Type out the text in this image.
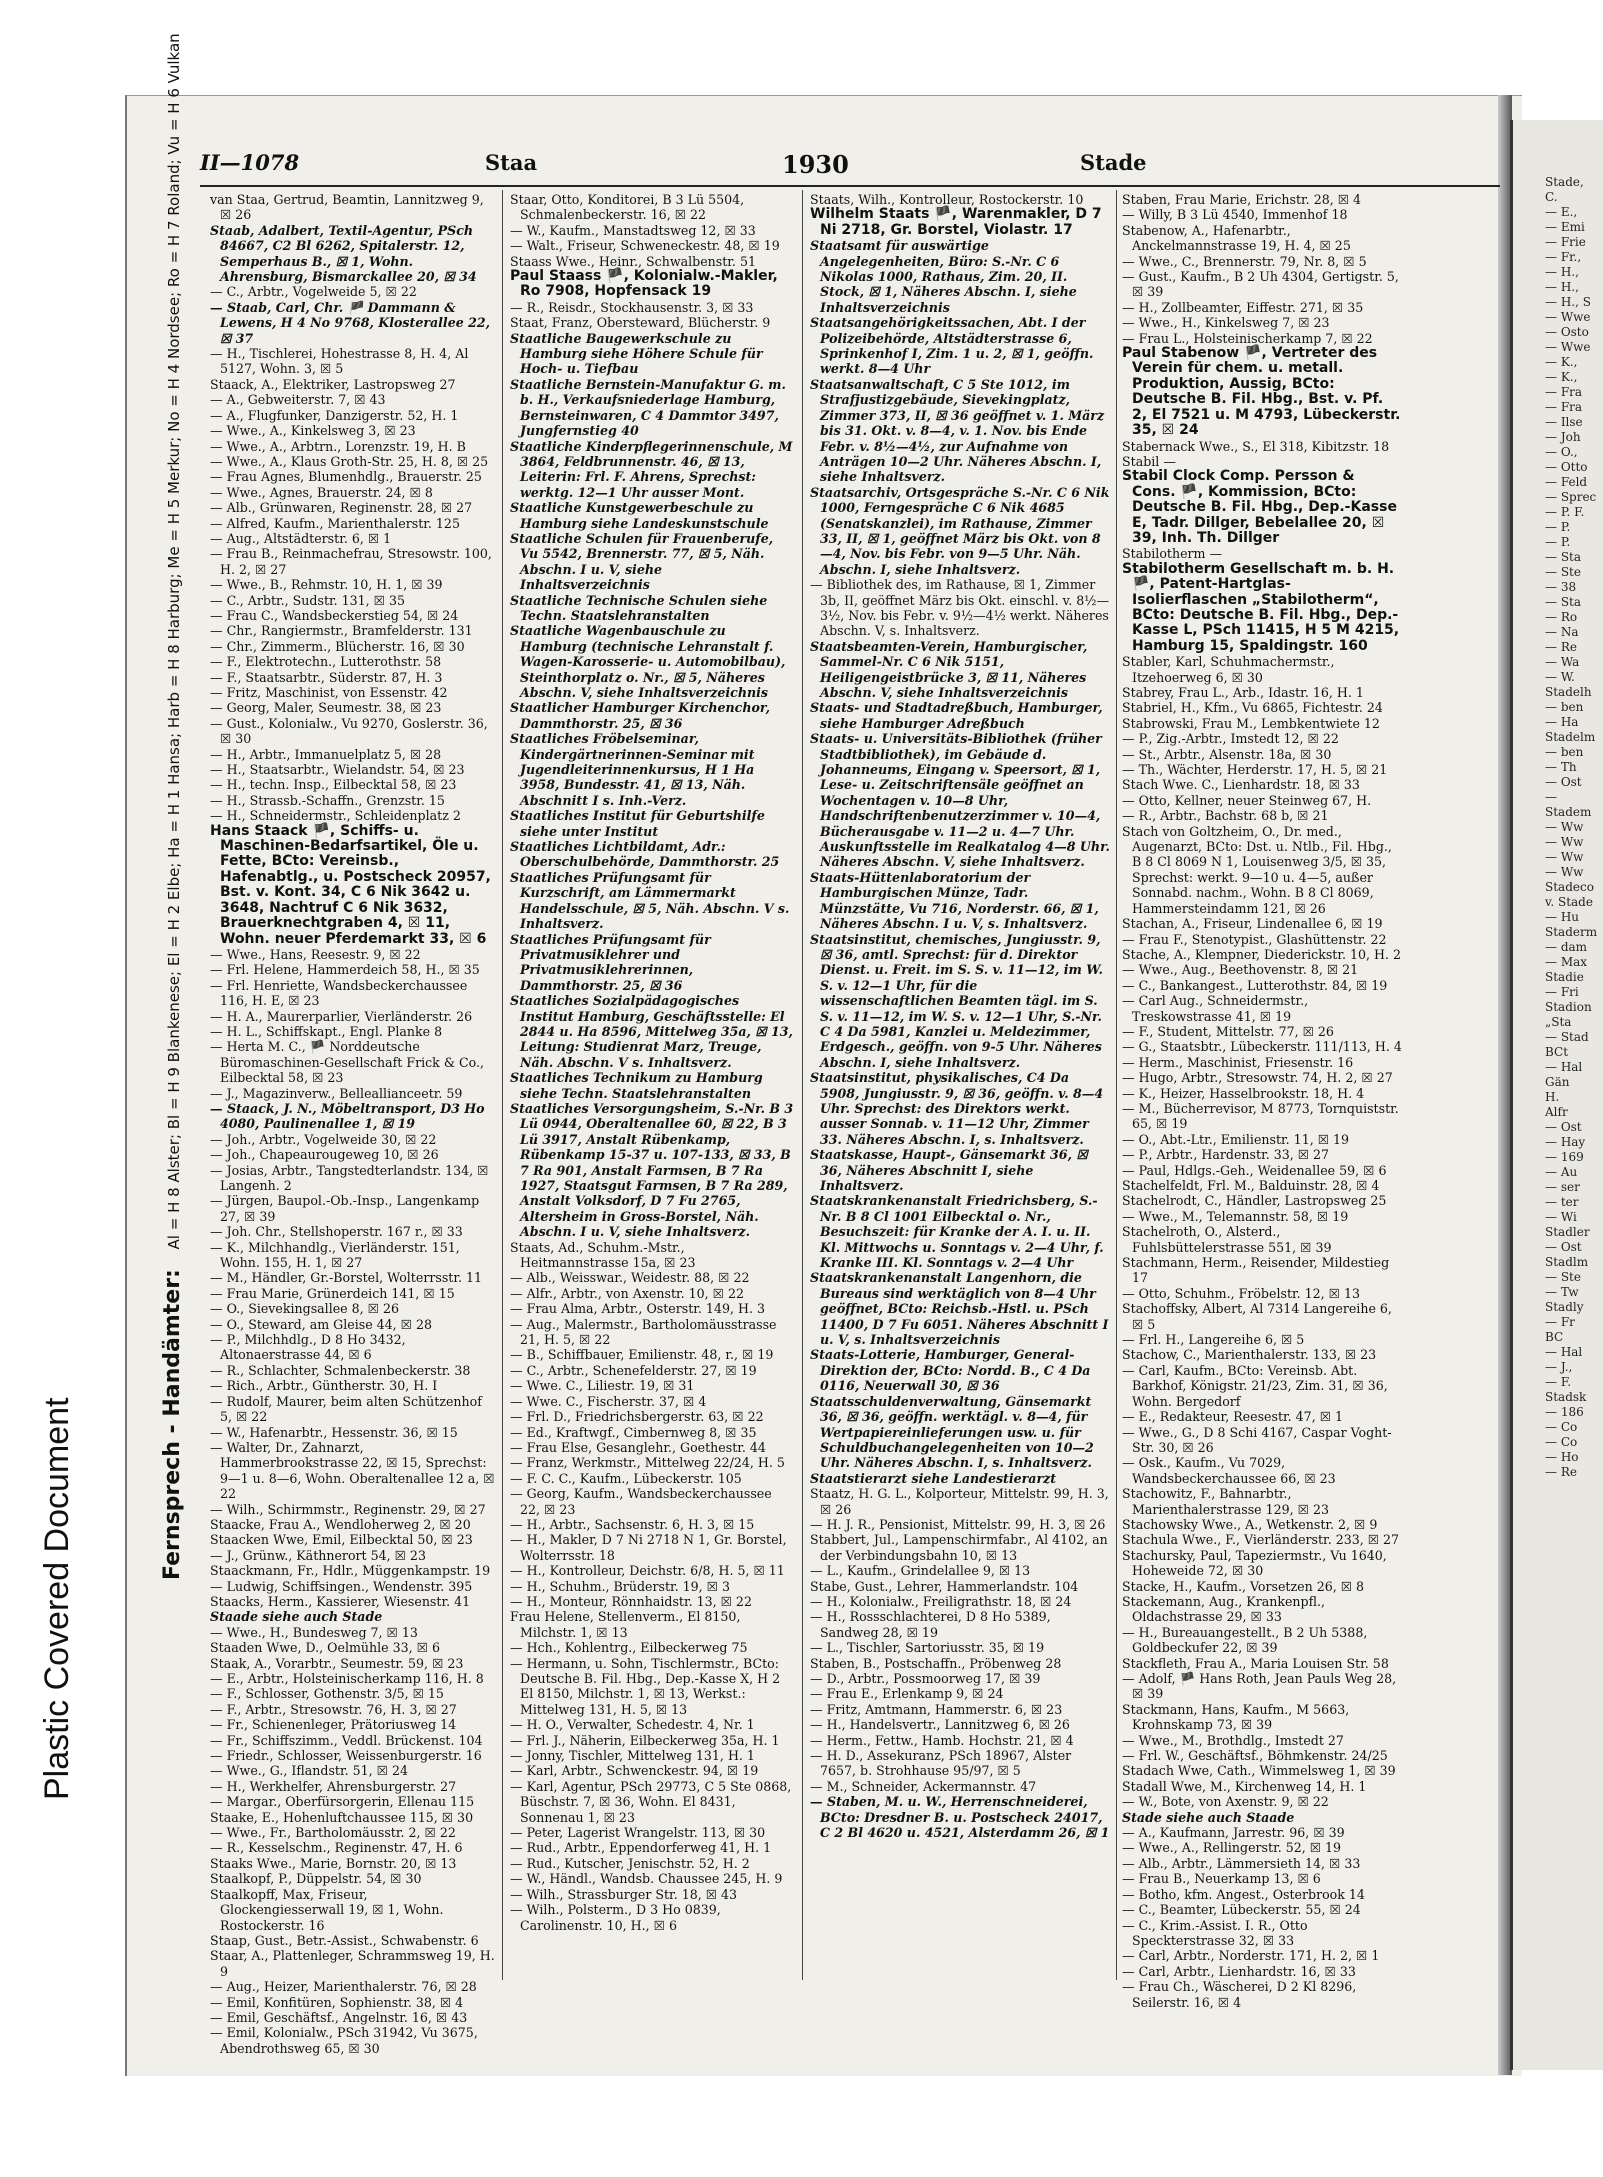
Plastic Covered Document	Fernsprech - Handämter: Al = H 8 Alster; Bl = H 9 Blankenese; El = H 2 Elbe; Ha = H 1 Hansa; Harb = H 8 Harburg; Me = H 5 Merkur; No = H 4 Nordsee; Ro = H 7 Roland; Vu = H 6 Vulkan II—1078	Staa	1930	Stade
van Staa, Gertrud, Beamtin, Lannitzweg 9, ☒ 26
Staab, Adalbert, Textil-Agentur, PSch 84667, C2 Bl 6262, Spitalerstr. 12, Semperhaus B., ☒ 1, Wohn. Ahrensburg, Bismarckallee 20, ☒ 34
— C., Arbtr., Vogelweide 5, ☒ 22
— Staab, Carl, Chr. 🏴 Dammann & Lewens, H 4 No 9768, Klosterallee 22, ☒ 37
— H., Tischlerei, Hohestrasse 8, H. 4, Al 5127, Wohn. 3, ☒ 5
Staack, A., Elektriker, Lastropsweg 27
— A., Gebweiterstr. 7, ☒ 43
— A., Flugfunker, Danzigerstr. 52, H. 1
— Wwe., A., Kinkelsweg 3, ☒ 23
— Wwe., A., Arbtrn., Lorenzstr. 19, H. B
— Wwe., A., Klaus Groth-Str. 25, H. 8, ☒ 25
— Frau Agnes, Blumenhdlg., Brauerstr. 25
— Wwe., Agnes, Brauerstr. 24, ☒ 8
— Alb., Grünwaren, Reginenstr. 28, ☒ 27
— Alfred, Kaufm., Marienthalerstr. 125
— Aug., Altstädterstr. 6, ☒ 1
— Frau B., Reinmachefrau, Stresowstr. 100, H. 2, ☒ 27
— Wwe., B., Rehmstr. 10, H. 1, ☒ 39
— C., Arbtr., Sudstr. 131, ☒ 35
— Frau C., Wandsbeckerstieg 54, ☒ 24
— Chr., Rangiermstr., Bramfelderstr. 131
— Chr., Zimmerm., Blücherstr. 16, ☒ 30
— F., Elektrotechn., Lutterothstr. 58
— F., Staatsarbtr., Süderstr. 87, H. 3
— Fritz, Maschinist, von Essenstr. 42
— Georg, Maler, Seumestr. 38, ☒ 23
— Gust., Kolonialw., Vu 9270, Goslerstr. 36, ☒ 30
— H., Arbtr., Immanuelplatz 5, ☒ 28
— H., Staatsarbtr., Wielandstr. 54, ☒ 23
— H., techn. Insp., Eilbecktal 58, ☒ 23
— H., Strassb.-Schaffn., Grenzstr. 15
— H., Schneidermstr., Schleidenplatz 2
Hans Staack 🏴, Schiffs- u. Maschinen-Bedarfsartikel, Öle u. Fette, BCto: Vereinsb., Hafenabtlg., u. Postscheck 20957, Bst. v. Kont. 34, C 6 Nik 3642 u. 3648, Nachtruf C 6 Nik 3632, Brauerknechtgraben 4, ☒ 11, Wohn. neuer Pferdemarkt 33, ☒ 6
— Wwe., Hans, Reesestr. 9, ☒ 22
— Frl. Helene, Hammerdeich 58, H., ☒ 35
— Frl. Henriette, Wandsbeckerchaussee 116, H. E, ☒ 23
— H. A., Maurerparlier, Vierländerstr. 26
— H. L., Schiffskapt., Engl. Planke 8
— Herta M. C., 🏴 Norddeutsche Büromaschinen-Gesellschaft Frick & Co., Eilbecktal 58, ☒ 23
— J., Magazinverw., Belleallianceetr. 59
— Staack, J. N., Möbeltransport, D3 Ho 4080, Paulinenallee 1, ☒ 19
— Joh., Arbtr., Vogelweide 30, ☒ 22
— Joh., Chapeaurougeweg 10, ☒ 26
— Josias, Arbtr., Tangstedterlandstr. 134, ☒ Langenh. 2
— Jürgen, Baupol.-Ob.-Insp., Langenkamp 27, ☒ 39
— Joh. Chr., Stellshoperstr. 167 r., ☒ 33
— K., Milchhandlg., Vierländerstr. 151, Wohn. 155, H. 1, ☒ 27
— M., Händler, Gr.-Borstel, Wolterrsstr. 11
— Frau Marie, Grünerdeich 141, ☒ 15
— O., Sievekingsallee 8, ☒ 26
— O., Steward, am Gleise 44, ☒ 28
— P., Milchhdlg., D 8 Ho 3432, Altonaerstrasse 44, ☒ 6
— R., Schlachter, Schmalenbeckerstr. 38
— Rich., Arbtr., Güntherstr. 30, H. I
— Rudolf, Maurer, beim alten Schützenhof 5, ☒ 22
— W., Hafenarbtr., Hessenstr. 36, ☒ 15
— Walter, Dr., Zahnarzt, Hammerbrookstrasse 22, ☒ 15, Sprechst: 9—1 u. 8—6, Wohn. Oberaltenallee 12 a, ☒ 22
— Wilh., Schirmmstr., Reginenstr. 29, ☒ 27
Staacke, Frau A., Wendloherweg 2, ☒ 20
Staacken Wwe, Emil, Eilbecktal 50, ☒ 23
— J., Grünw., Käthnerort 54, ☒ 23
Staackmann, Fr., Hdlr., Müggenkampstr. 19
— Ludwig, Schiffsingen., Wendenstr. 395
Staacks, Herm., Kassierer, Wiesenstr. 41
Staade siehe auch Stade
— Wwe., H., Bundesweg 7, ☒ 13
Staaden Wwe, D., Oelmühle 33, ☒ 6
Staak, A., Vorarbtr., Seumestr. 59, ☒ 23
— E., Arbtr., Holsteinischerkamp 116, H. 8
— F., Schlosser, Gothenstr. 3/5, ☒ 15
— F., Arbtr., Stresowstr. 76, H. 3, ☒ 27
— Fr., Schienenleger, Prätoriusweg 14
— Fr., Schiffszimm., Veddl. Brückenst. 104
— Friedr., Schlosser, Weissenburgerstr. 16
— Wwe., G., Iflandstr. 51, ☒ 24
— H., Werkhelfer, Ahrensburgerstr. 27
— Margar., Oberfürsorgerin, Ellenau 115
Staake, E., Hohenluftchaussee 115, ☒ 30
— Wwe., Fr., Bartholomäusstr. 2, ☒ 22
— R., Kesselschm., Reginenstr. 47, H. 6
Staaks Wwe., Marie, Bornstr. 20, ☒ 13
Staalkopf, P., Düppelstr. 54, ☒ 30
Staalkopff, Max, Friseur, Glockengiesserwall 19, ☒ 1, Wohn. Rostockerstr. 16
Staap, Gust., Betr.-Assist., Schwabenstr. 6
Staar, A., Plattenleger, Schrammsweg 19, H. 9
— Aug., Heizer, Marienthalerstr. 76, ☒ 28
— Emil, Konfitüren, Sophienstr. 38, ☒ 4
— Emil, Geschäftsf., Angelnstr. 16, ☒ 43
— Emil, Kolonialw., PSch 31942, Vu 3675, Abendrothsweg 65, ☒ 30
Staar, Otto, Konditorei, B 3 Lü 5504, Schmalenbeckerstr. 16, ☒ 22
— W., Kaufm., Manstadtsweg 12, ☒ 33
— Walt., Friseur, Schweneckestr. 48, ☒ 19
Staass Wwe., Heinr., Schwalbenstr. 51
Paul Staass 🏴, Kolonialw.-Makler, Ro 7908, Hopfensack 19
— R., Reisdr., Stockhausenstr. 3, ☒ 33
Staat, Franz, Obersteward, Blücherstr. 9
Staatliche Baugewerkschule zu Hamburg siehe Höhere Schule für Hoch- u. Tiefbau
Staatliche Bernstein-Manufaktur G. m. b. H., Verkaufsniederlage Hamburg, Bernsteinwaren, C 4 Dammtor 3497, Jungfernstieg 40
Staatliche Kinderpflegerinnenschule, M 3864, Feldbrunnenstr. 46, ☒ 13, Leiterin: Frl. F. Ahrens, Sprechst: werktg. 12—1 Uhr ausser Mont.
Staatliche Kunstgewerbeschule zu Hamburg siehe Landeskunstschule
Staatliche Schulen für Frauenberufe, Vu 5542, Brennerstr. 77, ☒ 5, Näh. Abschn. I u. V, siehe Inhaltsverzeichnis
Staatliche Technische Schulen siehe Techn. Staatslehranstalten
Staatliche Wagenbauschule zu Hamburg (technische Lehranstalt f. Wagen-Karosserie- u. Automobilbau), Steinthorplatz o. Nr., ☒ 5, Näheres Abschn. V, siehe Inhaltsverzeichnis
Staatlicher Hamburger Kirchenchor, Dammthorstr. 25, ☒ 36
Staatliches Fröbelseminar, Kindergärtnerinnen-Seminar mit Jugendleiterinnenkursus, H 1 Ha 3958, Bundesstr. 41, ☒ 13, Näh. Abschnitt I s. Inh.-Verz.
Staatliches Institut für Geburtshilfe siehe unter Institut
Staatliches Lichtbildamt, Adr.: Oberschulbehörde, Dammthorstr. 25
Staatliches Prüfungsamt für Kurzschrift, am Lämmermarkt Handelsschule, ☒ 5, Näh. Abschn. V s. Inhaltsverz.
Staatliches Prüfungsamt für Privatmusiklehrer und Privatmusiklehrerinnen, Dammthorstr. 25, ☒ 36
Staatliches Sozialpädagogisches Institut Hamburg, Geschäftsstelle: El 2844 u. Ha 8596, Mittelweg 35a, ☒ 13, Leitung: Studienrat Marz, Treuge, Näh. Abschn. V s. Inhaltsverz.
Staatliches Technikum zu Hamburg siehe Techn. Staatslehranstalten
Staatliches Versorgungsheim, S.-Nr. B 3 Lü 0944, Oberaltenallee 60, ☒ 22, B 3 Lü 3917, Anstalt Rübenkamp, Rübenkamp 15-37 u. 107-133, ☒ 33, B 7 Ra 901, Anstalt Farmsen, B 7 Ra 1927, Staatsgut Farmsen, B 7 Ra 289, Anstalt Volksdorf, D 7 Fu 2765, Altersheim in Gross-Borstel, Näh. Abschn. I u. V, siehe Inhaltsverz.
Staats, Ad., Schuhm.-Mstr., Heitmannstrasse 15a, ☒ 23
— Alb., Weisswar., Weidestr. 88, ☒ 22
— Alfr., Arbtr., von Axenstr. 10, ☒ 22
— Frau Alma, Arbtr., Osterstr. 149, H. 3
— Aug., Malermstr., Bartholomäusstrasse 21, H. 5, ☒ 22
— B., Schiffbauer, Emilienstr. 48, r., ☒ 19
— C., Arbtr., Schenefelderstr. 27, ☒ 19
— Wwe. C., Liliestr. 19, ☒ 31
— Wwe. C., Fischerstr. 37, ☒ 4
— Frl. D., Friedrichsbergerstr. 63, ☒ 22
— Ed., Kraftwgf., Cimbernweg 8, ☒ 35
— Frau Else, Gesanglehr., Goethestr. 44
— Franz, Werkmstr., Mittelweg 22/24, H. 5
— F. C. C., Kaufm., Lübeckerstr. 105
— Georg, Kaufm., Wandsbeckerchaussee 22, ☒ 23
— H., Arbtr., Sachsenstr. 6, H. 3, ☒ 15
— H., Makler, D 7 Ni 2718 N 1, Gr. Borstel, Wolterrsstr. 18
— H., Kontrolleur, Deichstr. 6/8, H. 5, ☒ 11
— H., Schuhm., Brüderstr. 19, ☒ 3
— H., Monteur, Rönnhaidstr. 13, ☒ 22
Frau Helene, Stellenverm., El 8150, Milchstr. 1, ☒ 13
— Hch., Kohlentrg., Eilbeckerweg 75
— Hermann, u. Sohn, Tischlermstr., BCto: Deutsche B. Fil. Hbg., Dep.-Kasse X, H 2 El 8150, Milchstr. 1, ☒ 13, Werkst.: Mittelweg 131, H. 5, ☒ 13
— H. O., Verwalter, Schedestr. 4, Nr. 1
— Frl. J., Näherin, Eilbeckerweg 35a, H. 1
— Jonny, Tischler, Mittelweg 131, H. 1
— Karl, Arbtr., Schwenckestr. 94, ☒ 19
— Karl, Agentur, PSch 29773, C 5 Ste 0868, Büschstr. 7, ☒ 36, Wohn. El 8431, Sonnenau 1, ☒ 23
— Peter, Lagerist Wrangelstr. 113, ☒ 30
— Rud., Arbtr., Eppendorferweg 41, H. 1
— Rud., Kutscher, Jenischstr. 52, H. 2
— W., Händl., Wandsb. Chaussee 245, H. 9
— Wilh., Strassburger Str. 18, ☒ 43
— Wilh., Polsterm., D 3 Ho 0839, Carolinenstr. 10, H., ☒ 6
Staats, Wilh., Kontrolleur, Rostockerstr. 10
Wilhelm Staats 🏴, Warenmakler, D 7 Ni 2718, Gr. Borstel, Violastr. 17
Staatsamt für auswärtige Angelegenheiten, Büro: S.-Nr. C 6 Nikolas 1000, Rathaus, Zim. 20, II. Stock, ☒ 1, Näheres Abschn. I, siehe Inhaltsverzeichnis
Staatsangehörigkeitssachen, Abt. I der Polizeibehörde, Altstädterstrasse 6, Sprinkenhof I, Zim. 1 u. 2, ☒ 1, geöffn. werkt. 8—4 Uhr
Staatsanwaltschaft, C 5 Ste 1012, im Strafjustizgebäude, Sievekingplatz, Zimmer 373, II, ☒ 36 geöffnet v. 1. März bis 31. Okt. v. 8—4, v. 1. Nov. bis Ende Febr. v. 8½—4½, zur Aufnahme von Anträgen 10—2 Uhr. Näheres Abschn. I, siehe Inhaltsverz.
Staatsarchiv, Ortsgespräche S.-Nr. C 6 Nik 1000, Ferngespräche C 6 Nik 4685 (Senatskanzlei), im Rathause, Zimmer 33, II, ☒ 1, geöffnet März bis Okt. von 8—4, Nov. bis Febr. von 9—5 Uhr. Näh. Abschn. I, siehe Inhaltsverz.
— Bibliothek des, im Rathause, ☒ 1, Zimmer 3b, II, geöffnet März bis Okt. einschl. v. 8½—3½, Nov. bis Febr. v. 9½—4½ werkt. Näheres Abschn. V, s. Inhaltsverz.
Staatsbeamten-Verein, Hamburgischer, Sammel-Nr. C 6 Nik 5151, Heiligengeistbrücke 3, ☒ 11, Näheres Abschn. V, siehe Inhaltsverzeichnis
Staats- und Stadtadreßbuch, Hamburger, siehe Hamburger Adreßbuch
Staats- u. Universitäts-Bibliothek (früher Stadtbibliothek), im Gebäude d. Johanneums, Eingang v. Speersort, ☒ 1, Lese- u. Zeitschriftensäle geöffnet an Wochentagen v. 10—8 Uhr, Handschriftenbenutzerzimmer v. 10—4, Bücherausgabe v. 11—2 u. 4—7 Uhr. Auskunftsstelle im Realkatalog 4—8 Uhr. Näheres Abschn. V, siehe Inhaltsverz.
Staats-Hüttenlaboratorium der Hamburgischen Münze, Tadr. Münzstätte, Vu 716, Norderstr. 66, ☒ 1, Näheres Abschn. I u. V, s. Inhaltsverz.
Staatsinstitut, chemisches, Jungiusstr. 9, ☒ 36, amtl. Sprechst: für d. Direktor Dienst. u. Freit. im S. S. v. 11—12, im W. S. v. 12—1 Uhr, für die wissenschaftlichen Beamten tägl. im S. S. v. 11—12, im W. S. v. 12—1 Uhr, S.-Nr. C 4 Da 5981, Kanzlei u. Meldezimmer, Erdgesch., geöffn. von 9-5 Uhr. Näheres Abschn. I, siehe Inhaltsverz.
Staatsinstitut, physikalisches, C4 Da 5908, Jungiusstr. 9, ☒ 36, geöffn. v. 8—4 Uhr. Sprechst: des Direktors werkt. ausser Sonnab. v. 11—12 Uhr, Zimmer 33. Näheres Abschn. I, s. Inhaltsverz.
Staatskasse, Haupt-, Gänsemarkt 36, ☒ 36, Näheres Abschnitt I, siehe Inhaltsverz.
Staatskrankenanstalt Friedrichsberg, S.-Nr. B 8 Cl 1001 Eilbecktal o. Nr., Besuchszeit: für Kranke der A. I. u. II. Kl. Mittwochs u. Sonntags v. 2—4 Uhr, f. Kranke III. Kl. Sonntags v. 2—4 Uhr
Staatskrankenanstalt Langenhorn, die Bureaus sind werktäglich von 8—4 Uhr geöffnet, BCto: Reichsb.-Hstl. u. PSch 11400, D 7 Fu 6051. Näheres Abschnitt I u. V, s. Inhaltsverzeichnis
Staats-Lotterie, Hamburger, General-Direktion der, BCto: Nordd. B., C 4 Da 0116, Neuerwall 30, ☒ 36
Staatsschuldenverwaltung, Gänsemarkt 36, ☒ 36, geöffn. werktägl. v. 8—4, für Wertpapiereinlieferungen usw. u. für Schuldbuchangelegenheiten von 10—2 Uhr. Näheres Abschn. I, s. Inhaltsverz.
Staatstierarzt siehe Landestierarzt
Staatz, H. G. L., Kolporteur, Mittelstr. 99, H. 3, ☒ 26
— H. J. R., Pensionist, Mittelstr. 99, H. 3, ☒ 26
Stabbert, Jul., Lampenschirmfabr., Al 4102, an der Verbindungsbahn 10, ☒ 13
— L., Kaufm., Grindelallee 9, ☒ 13
Stabe, Gust., Lehrer, Hammerlandstr. 104
— H., Kolonialw., Freiligrathstr. 18, ☒ 24
— H., Rossschlachterei, D 8 Ho 5389, Sandweg 28, ☒ 19
— L., Tischler, Sartoriusstr. 35, ☒ 19
Staben, B., Postschaffn., Pröbenweg 28
— D., Arbtr., Possmoorweg 17, ☒ 39
— Frau E., Erlenkamp 9, ☒ 24
— Fritz, Amtmann, Hammerstr. 6, ☒ 23
— H., Handelsvertr., Lannitzweg 6, ☒ 26
— Herm., Fettw., Hamb. Hochstr. 21, ☒ 4
— H. D., Assekuranz, PSch 18967, Alster 7657, b. Strohhause 95/97, ☒ 5
— M., Schneider, Ackermannstr. 47
— Staben, M. u. W., Herrenschneiderei, BCto: Dresdner B. u. Postscheck 24017, C 2 Bl 4620 u. 4521, Alsterdamm 26, ☒ 1
Staben, Frau Marie, Erichstr. 28, ☒ 4
— Willy, B 3 Lü 4540, Immenhof 18
Stabenow, A., Hafenarbtr., Anckelmannstrasse 19, H. 4, ☒ 25
— Wwe., C., Brennerstr. 79, Nr. 8, ☒ 5
— Gust., Kaufm., B 2 Uh 4304, Gertigstr. 5, ☒ 39
— H., Zollbeamter, Eiffestr. 271, ☒ 35
— Wwe., H., Kinkelsweg 7, ☒ 23
— Frau L., Holsteinischerkamp 7, ☒ 22
Paul Stabenow 🏴, Vertreter des Verein für chem. u. metall. Produktion, Aussig, BCto: Deutsche B. Fil. Hbg., Bst. v. Pf. 2, El 7521 u. M 4793, Lübeckerstr. 35, ☒ 24
Stabernack Wwe., S., El 318, Kibitzstr. 18
Stabil —
Stabil Clock Comp. Persson & Cons. 🏴, Kommission, BCto: Deutsche B. Fil. Hbg., Dep.-Kasse E, Tadr. Dillger, Bebelallee 20, ☒ 39, Inh. Th. Dillger
Stabilotherm —
Stabilotherm Gesellschaft m. b. H. 🏴, Patent-Hartglas-Isolierflaschen „Stabilotherm“, BCto: Deutsche B. Fil. Hbg., Dep.-Kasse L, PSch 11415, H 5 M 4215, Hamburg 15, Spaldingstr. 160
Stabler, Karl, Schuhmachermstr., Itzehoerweg 6, ☒ 30
Stabrey, Frau L., Arb., Idastr. 16, H. 1
Stabriel, H., Kfm., Vu 6865, Fichtestr. 24
Stabrowski, Frau M., Lembkentwiete 12
— P., Zig.-Arbtr., Imstedt 12, ☒ 22
— St., Arbtr., Alsenstr. 18a, ☒ 30
— Th., Wächter, Herderstr. 17, H. 5, ☒ 21
Stach Wwe. C., Lienhardstr. 18, ☒ 33
— Otto, Kellner, neuer Steinweg 67, H.
— R., Arbtr., Bachstr. 68 b, ☒ 21
Stach von Goltzheim, O., Dr. med., Augenarzt, BCto: Dst. u. Ntlb., Fil. Hbg., B 8 Cl 8069 N 1, Louisenweg 3/5, ☒ 35, Sprechst: werkt. 9—10 u. 4—5, außer Sonnabd. nachm., Wohn. B 8 Cl 8069, Hammersteindamm 121, ☒ 26
Stachan, A., Friseur, Lindenallee 6, ☒ 19
— Frau F., Stenotypist., Glashüttenstr. 22
Stache, A., Klempner, Diederickstr. 10, H. 2
— Wwe., Aug., Beethovenstr. 8, ☒ 21
— C., Bankangest., Lutterothstr. 84, ☒ 19
— Carl Aug., Schneidermstr., Treskowstrasse 41, ☒ 19
— F., Student, Mittelstr. 77, ☒ 26
— G., Staatsbtr., Lübeckerstr. 111/113, H. 4
— Herm., Maschinist, Friesenstr. 16
— Hugo, Arbtr., Stresowstr. 74, H. 2, ☒ 27
— K., Heizer, Hasselbrookstr. 18, H. 4
— M., Bücherrevisor, M 8773, Tornquiststr. 65, ☒ 19
— O., Abt.-Ltr., Emilienstr. 11, ☒ 19
— P., Arbtr., Hardenstr. 33, ☒ 27
— Paul, Hdlgs.-Geh., Weidenallee 59, ☒ 6
Stachelfeldt, Frl. M., Balduinstr. 28, ☒ 4
Stachelrodt, C., Händler, Lastropsweg 25
— Wwe., M., Telemannstr. 58, ☒ 19
Stachelroth, O., Alsterd., Fuhlsbüttelerstrasse 551, ☒ 39
Stachmann, Herm., Reisender, Mildestieg 17
— Otto, Schuhm., Fröbelstr. 12, ☒ 13
Stachoffsky, Albert, Al 7314 Langereihe 6, ☒ 5
— Frl. H., Langereihe 6, ☒ 5
Stachow, C., Marienthalerstr. 133, ☒ 23
— Carl, Kaufm., BCto: Vereinsb. Abt. Barkhof, Königstr. 21/23, Zim. 31, ☒ 36, Wohn. Bergedorf
— E., Redakteur, Reesestr. 47, ☒ 1
— Wwe., G., D 8 Schi 4167, Caspar Voght-Str. 30, ☒ 26
— Osk., Kaufm., Vu 7029, Wandsbeckerchaussee 66, ☒ 23
Stachowitz, F., Bahnarbtr., Marienthalerstrasse 129, ☒ 23
Stachowsky Wwe., A., Wetkenstr. 2, ☒ 9
Stachula Wwe., F., Vierländerstr. 233, ☒ 27
Stachursky, Paul, Tapeziermstr., Vu 1640, Hoheweide 72, ☒ 30
Stacke, H., Kaufm., Vorsetzen 26, ☒ 8
Stackemann, Aug., Krankenpfl., Oldachstrasse 29, ☒ 33
— H., Bureauangestellt., B 2 Uh 5388, Goldbeckufer 22, ☒ 39
Stackfleth, Frau A., Maria Louisen Str. 58
— Adolf, 🏴 Hans Roth, Jean Pauls Weg 28, ☒ 39
Stackmann, Hans, Kaufm., M 5663, Krohnskamp 73, ☒ 39
— Wwe., M., Brothdlg., Imstedt 27
— Frl. W., Geschäftsf., Böhmkenstr. 24/25
Stadach Wwe, Cath., Wimmelsweg 1, ☒ 39
Stadall Wwe, M., Kirchenweg 14, H. 1
— W., Bote, von Axenstr. 9, ☒ 22
Stade siehe auch Staade
— A., Kaufmann, Jarrestr. 96, ☒ 39
— Wwe., A., Rellingerstr. 52, ☒ 19
— Alb., Arbtr., Lämmersieth 14, ☒ 33
— Frau B., Neuerkamp 13, ☒ 6
— Botho, kfm. Angest., Osterbrook 14
— C., Beamter, Lübeckerstr. 55, ☒ 24
— C., Krim.-Assist. I. R., Otto Speckterstrasse 32, ☒ 33
— Carl, Arbtr., Norderstr. 171, H. 2, ☒ 1
— Carl, Arbtr., Lienhardstr. 16, ☒ 33
— Frau Ch., Wäscherei, D 2 Kl 8296, Seilerstr. 16, ☒ 4
Stade, C.
— E.,
— Emi
— Frie
— Fr.,
— H.,
— H.,
— H., S
— Wwe
— Osto
— Wwe
— K.,
— K.,
— Fra
— Fra
— Ilse
— Joh
— O.,
— Otto
— Feld
— Sprec
— P. F.
— P.
— P.
— Sta
— Ste
— 38
— Sta
— Ro
— Na
— Re
— Wa
— W.
Stadelh
— ben
— Ha
Stadelm
— ben
— Th
— Ost
— Stadem
— Ww
— Ww
— Ww
— Ww
Stadeco
v. Stade
— Hu
Staderm
— dam
— Max
Stadie
— Fri
Stadion
„Sta
— Stad
BCt
— Hal
Gän
H.
Alfr
— Ost
— Hay
— 169
— Au
— ser
— ter
— Wi
Stadler
— Ost
Stadlm
— Ste
— Tw
Stadly
— Fr
BC
— Hal
— J.,
— F.
Stadsk
— 186
— Co
— Co
— Ho
— Re
